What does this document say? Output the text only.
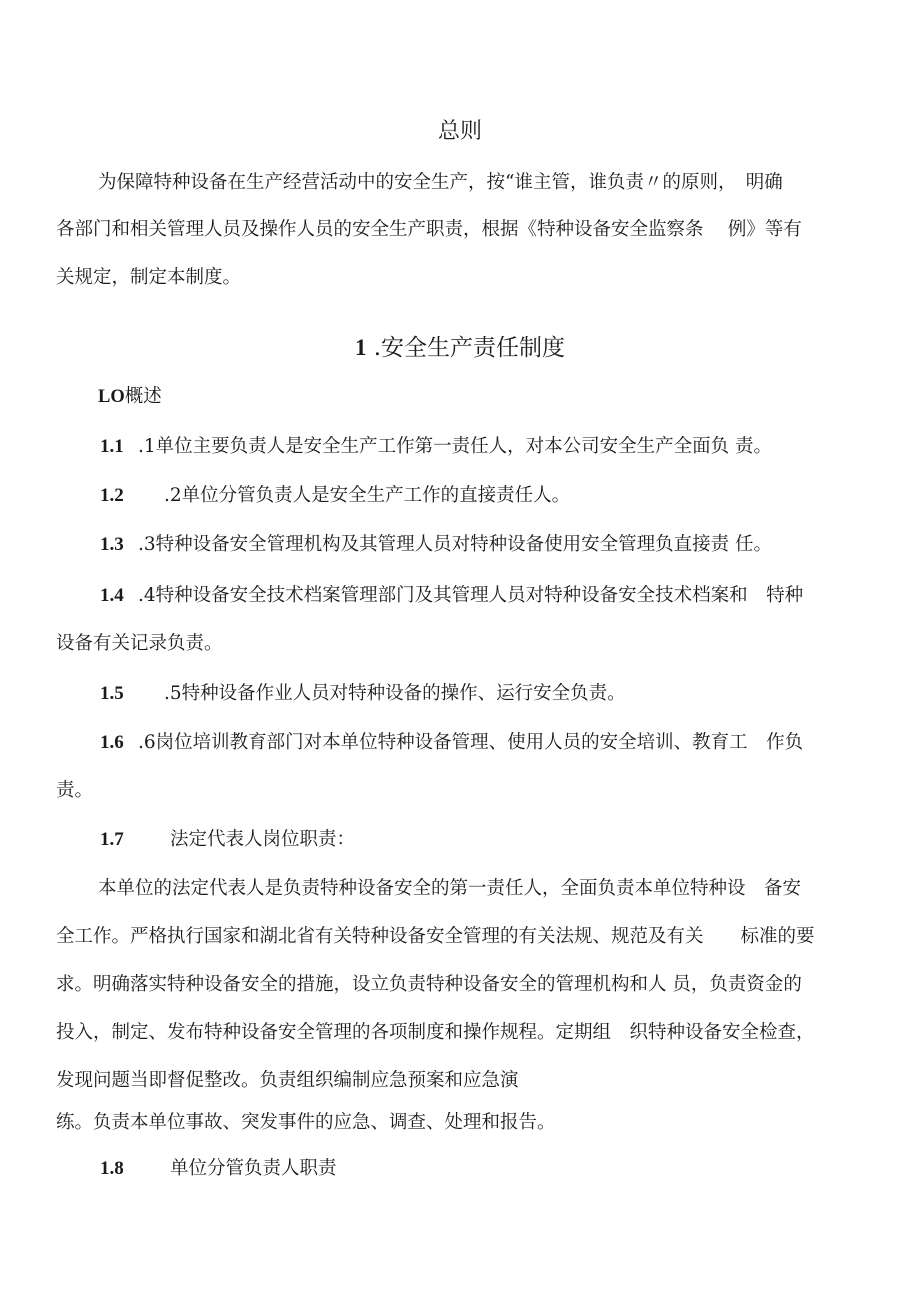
总则
为保障特种设备在生产经营活动中的安全生产，按“谁主管，谁负责〃的原则，　明确
各部门和相关管理人员及操作人员的安全生产职责，根据《特种设备安全监察条　 例》等有
关规定，制定本制度。
1 .安全生产责任制度
LO概述
1.1 .1单位主要负责人是安全生产工作第一责任人，对本公司安全生产全面负 责。
1.2 .2单位分管负责人是安全生产工作的直接责任人。
1.3 .3特种设备安全管理机构及其管理人员对特种设备使用安全管理负直接责 任。
1.4 .4特种设备安全技术档案管理部门及其管理人员对特种设备安全技术档案和　特种
设备有关记录负责。
1.5 .5特种设备作业人员对特种设备的操作、运行安全负责。
1.6 .6岗位培训教育部门对本单位特种设备管理、使用人员的安全培训、教育工　作负
责。
1.7	法定代表人岗位职责：
本单位的法定代表人是负责特种设备安全的第一责任人，全面负责本单位特种设　备安
全工作。严格执行国家和湖北省有关特种设备安全管理的有关法规、规范及有关　　标准的要
求。明确落实特种设备安全的措施，设立负责特种设备安全的管理机构和人 员，负责资金的
投入，制定、发布特种设备安全管理的各项制度和操作规程。定期组　织特种设备安全检查，
发现问题当即督促整改。负责组织编制应急预案和应急演
练。负责本单位事故、突发事件的应急、调查、处理和报告。
1.8	单位分管负责人职责
